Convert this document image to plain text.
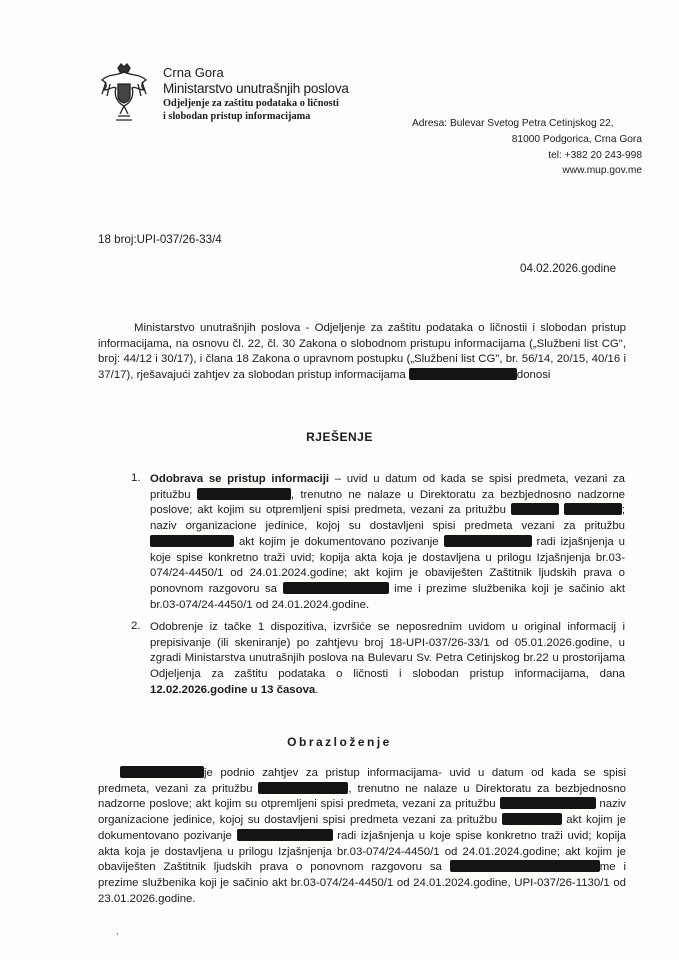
Crna Gora
Ministarstvo unutrašnjih poslova
Odjeljenje za zaštitu podataka o ličnosti
i slobodan pristup informacijama
Adresa: Bulevar Svetog Petra Cetinjskog 22,
81000 Podgorica, Crna Gora
tel: +382 20 243-998
www.mup.gov.me
18 broj:UPI-037/26-33/4
04.02.2026.godine
Ministarstvo unutrašnjih poslova - Odjeljenje za zaštitu podataka o ličnostii i slobodan pristup informacijama, na osnovu čl. 22, čl. 30 Zakona o slobodnom pristupu informacijama („Službeni list CG", broj: 44/12 i 30/17), i člana 18 Zakona o upravnom postupku („Službeni list CG", br. 56/14, 20/15, 40/16 i 37/17), rješavajući zahtjev za slobodan pristup informacijama	donosi
RJEŠENJE
1. Odobrava se pristup informaciji – uvid u datum od kada se spisi predmeta, vezani za pritužbu	, trenutno ne nalaze u Direktoratu za bezbjednosno nadzorne poslove; akt kojim su otpremljeni spisi predmeta, vezani za pritužbu	; naziv organizacione jedinice, kojoj su dostavljeni spisi predmeta vezani za pritužbu  akt kojim je dokumentovano pozivanje	radi izjašnjenja u koje spise konkretno traži uvid; kopija akta koja je dostavljena u prilogu Izjašnjenja br.03-074/24-4450/1 od 24.01.2024.godine; akt kojim je obaviješten Zaštitnik ljudskih prava o ponovnom razgovoru sa	ime i prezime službenika koji je sačinio akt br.03-074/24-4450/1 od 24.01.2024.godine.
2. Odobrenje iz tačke 1 dispozitiva, izvršiće se neposrednim uvidom u original informacij i prepisivanje (ili skeniranje) po zahtjevu broj 18-UPI-037/26-33/1 od 05.01.2026.godine, u zgradi Ministarstva unutrašnjih poslova na Bulevaru Sv. Petra Cetinjskog br.22 u prostorijama Odjeljenja za zaštitu podataka o ličnosti i slobodan pristup informacijama, dana 12.02.2026.godine u 13 časova.
Obrazloženje
je podnio zahtjev za pristup informacijama- uvid u datum od kada se spisi predmeta, vezani za pritužbu	, trenutno ne nalaze u Direktoratu za bezbjednosno nadzorne poslove; akt kojim su otpremljeni spisi predmeta, vezani za pritužbu	naziv organizacione jedinice, kojoj su dostavljeni spisi predmeta vezani za pritužbu	akt kojim je dokumentovano pozivanje	radi izjašnjenja u koje spise konkretno traži uvid; kopija akta koja je dostavljena u prilogu Izjašnjenja br.03-074/24-4450/1 od 24.01.2024.godine; akt kojim je obaviješten Zaštitnik ljudskih prava o ponovnom razgovoru sa	me i prezime službenika koji je sačinio akt br.03-074/24-4450/1 od 24.01.2024.godine, UPI-037/26-1130/1 od 23.01.2026.godine.
,
